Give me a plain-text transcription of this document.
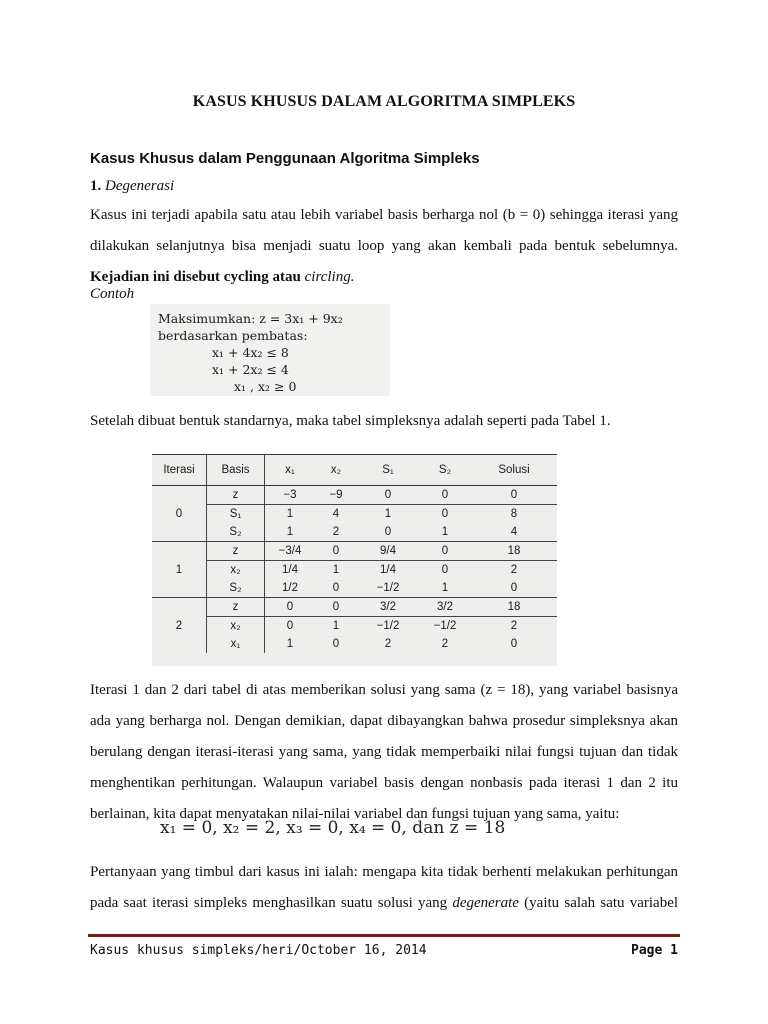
KASUS KHUSUS DALAM ALGORITMA SIMPLEKS
Kasus Khusus dalam Penggunaan Algoritma Simpleks
1. Degenerasi
Kasus ini terjadi apabila satu atau lebih variabel basis berharga nol (b = 0) sehingga iterasi yang
dilakukan selanjutnya bisa menjadi suatu loop yang akan kembali pada bentuk sebelumnya.
Kejadian ini disebut cycling atau circling.
Contoh
Maksimumkan: z = 3x₁ + 9x₂
berdasarkan pembatas:
x₁ + 4x₂ ≤ 8
x₁ + 2x₂ ≤ 4
x₁ , x₂ ≥ 0
Setelah dibuat bentuk standarnya, maka tabel simpleksnya adalah seperti pada Tabel 1.
Iterasi	Basis	x₁	x₂	S₁	S₂	Solusi
0	z	−3	−9	0	0	0
	S₁	1	4	1	0	8
	S₂	1	2	0	1	4
1	z	−3/4	0	9/4	0	18
	x₂	1/4	1	1/4	0	2
	S₂	1/2	0	−1/2	1	0
2	z	0	0	3/2	3/2	18
	x₂	0	1	−1/2	−1/2	2
	x₁	1	0	2	2	0
Iterasi 1 dan 2 dari tabel di atas memberikan solusi yang sama (z = 18), yang variabel basisnya
ada yang berharga nol. Dengan demikian, dapat dibayangkan bahwa prosedur simpleksnya akan
berulang dengan iterasi-iterasi yang sama, yang tidak memperbaiki nilai fungsi tujuan dan tidak
menghentikan perhitungan. Walaupun variabel basis dengan nonbasis pada iterasi 1 dan 2 itu
berlainan, kita dapat menyatakan nilai-nilai variabel dan fungsi tujuan yang sama, yaitu:
x₁ = 0, x₂ = 2, x₃ = 0, x₄ = 0, dan z = 18
Pertanyaan yang timbul dari kasus ini ialah: mengapa kita tidak berhenti melakukan perhitungan
pada saat iterasi simpleks menghasilkan suatu solusi yang degenerate (yaitu salah satu variabel
Kasus khusus simpleks/heri/October 16, 2014	Page 1
